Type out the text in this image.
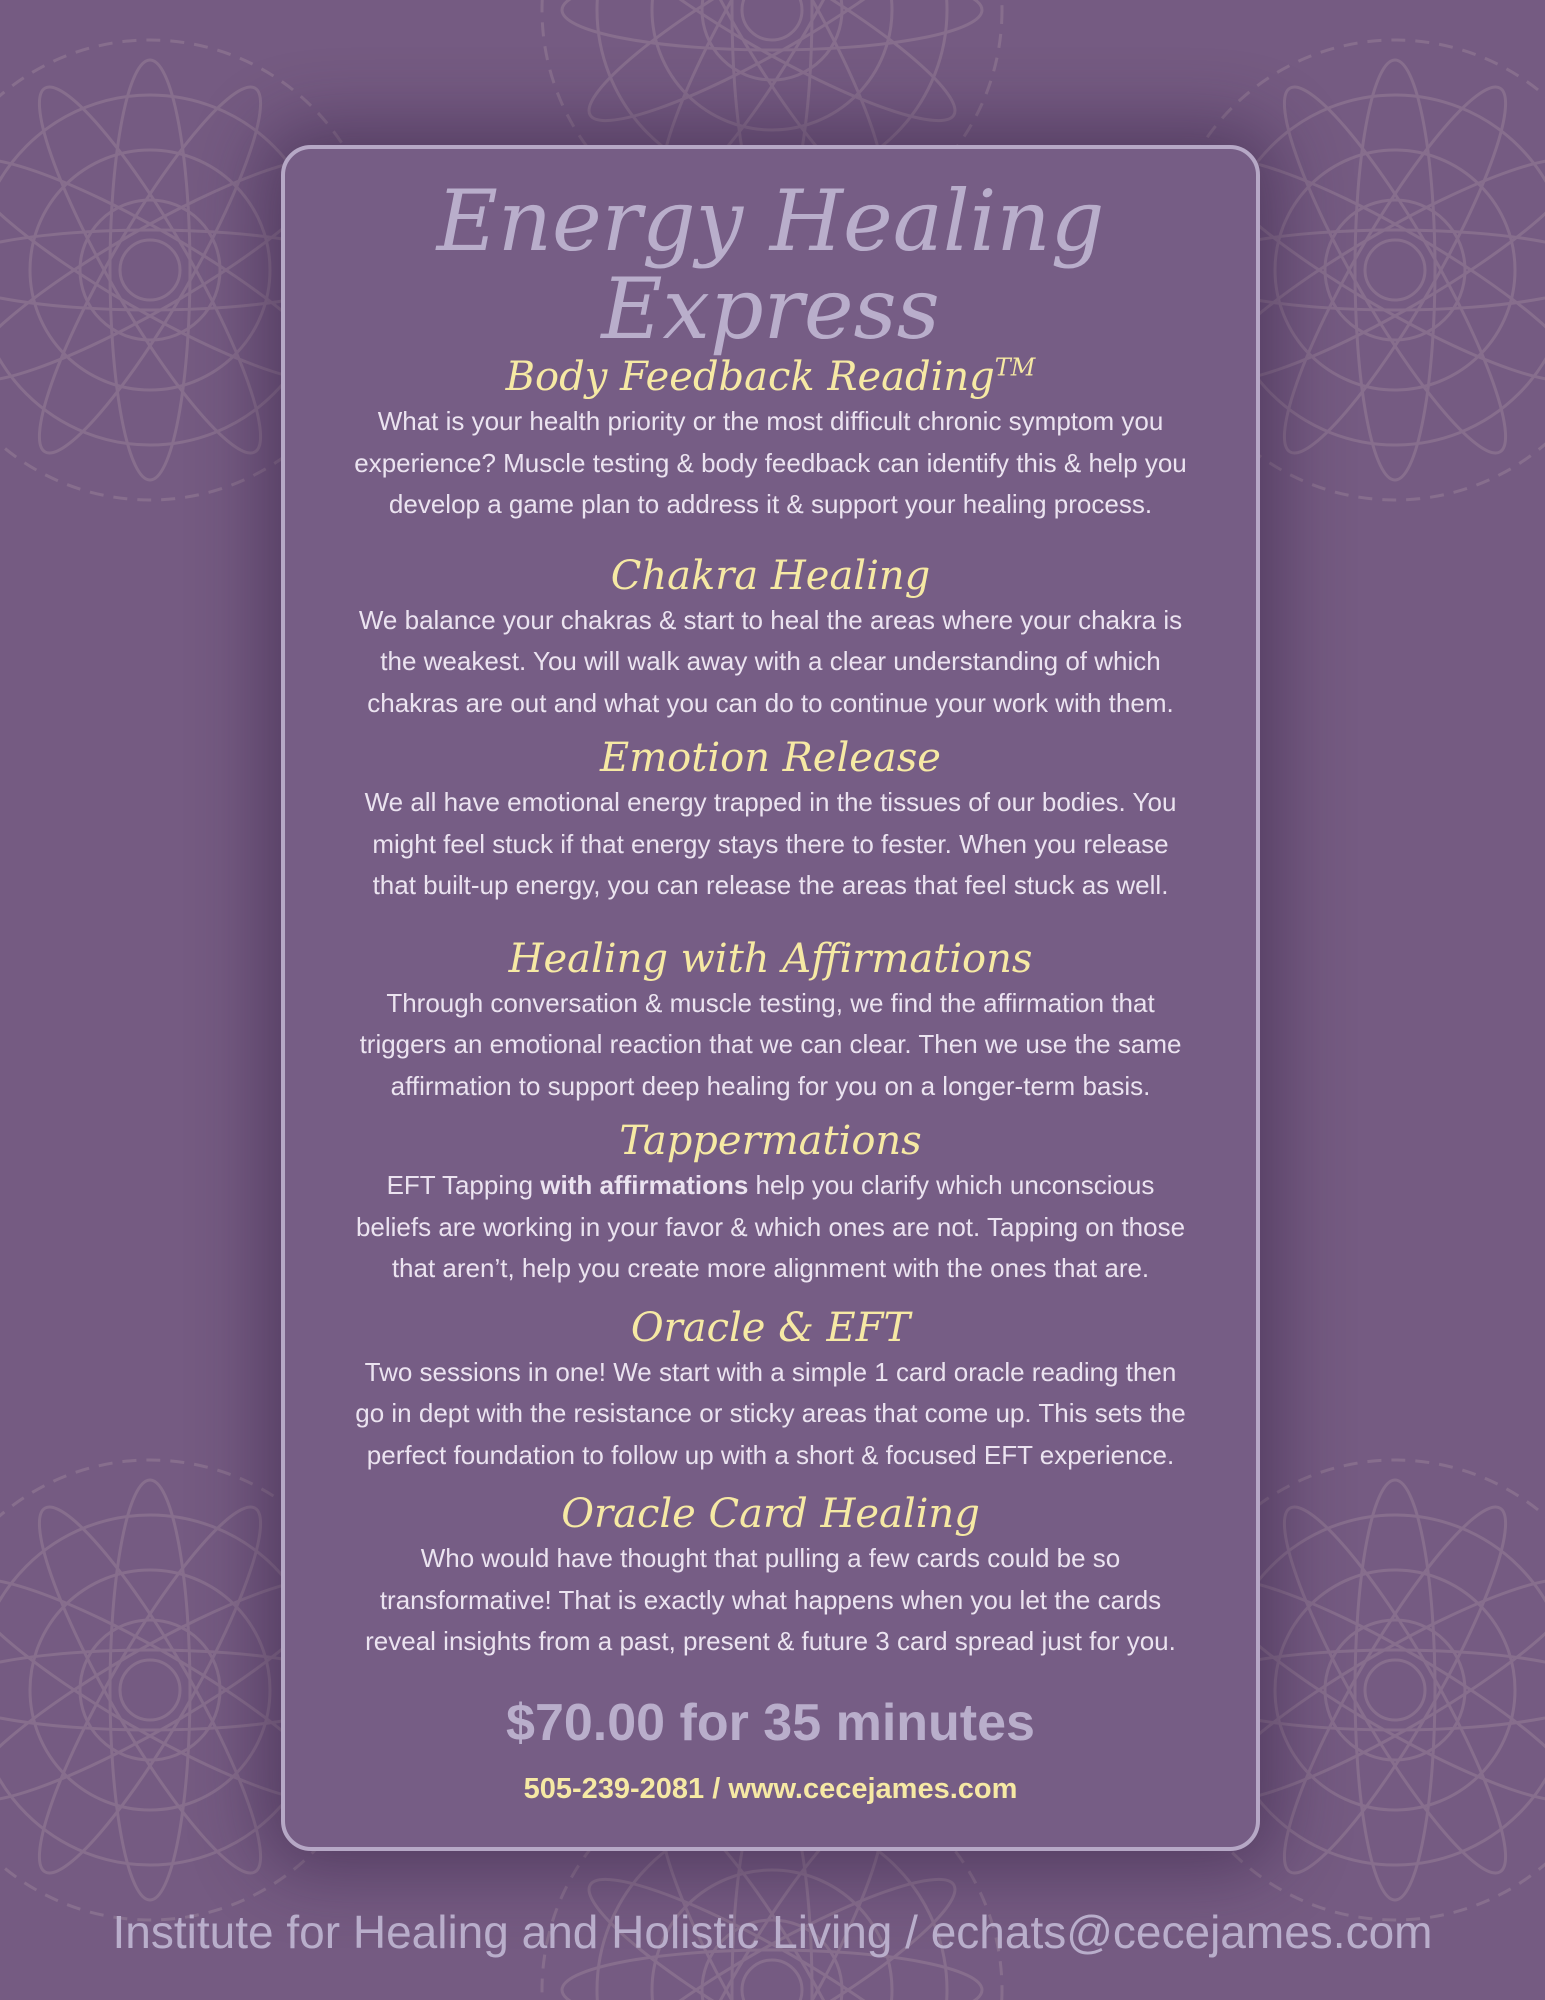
Energy Healing Express
Body Feedback Reading™

What is your health priority or the most difficult chronic symptom you
experience? Muscle testing & body feedback can identify this & help you
develop a game plan to address it & support your healing process.

Chakra Healing

We balance your chakras & start to heal the areas where your chakra is
the weakest. You will walk away with a clear understanding of which
chakras are out and what you can do to continue your work with them.

Emotion Release

We all have emotional energy trapped in the tissues of our bodies. You
might feel stuck if that energy stays there to fester. When you release
that built-up energy, you can release the areas that feel stuck as well.

Healing with Affirmations

Through conversation & muscle testing, we find the affirmation that
triggers an emotional reaction that we can clear. Then we use the same
affirmation to support deep healing for you on a longer-term basis.

Tappermations

EFT Tapping with affirmations help you clarify which unconscious
beliefs are working in your favor & which ones are not. Tapping on those
that aren’t, help you create more alignment with the ones that are.

Oracle & EFT

Two sessions in one! We start with a simple 1 card oracle reading then
go in dept with the resistance or sticky areas that come up. This sets the
perfect foundation to follow up with a short & focused EFT experience.

Oracle Card Healing

Who would have thought that pulling a few cards could be so
transformative! That is exactly what happens when you let the cards
reveal insights from a past, present & future 3 card spread just for you.

$70.00 for 35 minutes

505-239-2081 / www.cecejames.com

Institute for Healing and Holistic Living / echats@cecejames.com
